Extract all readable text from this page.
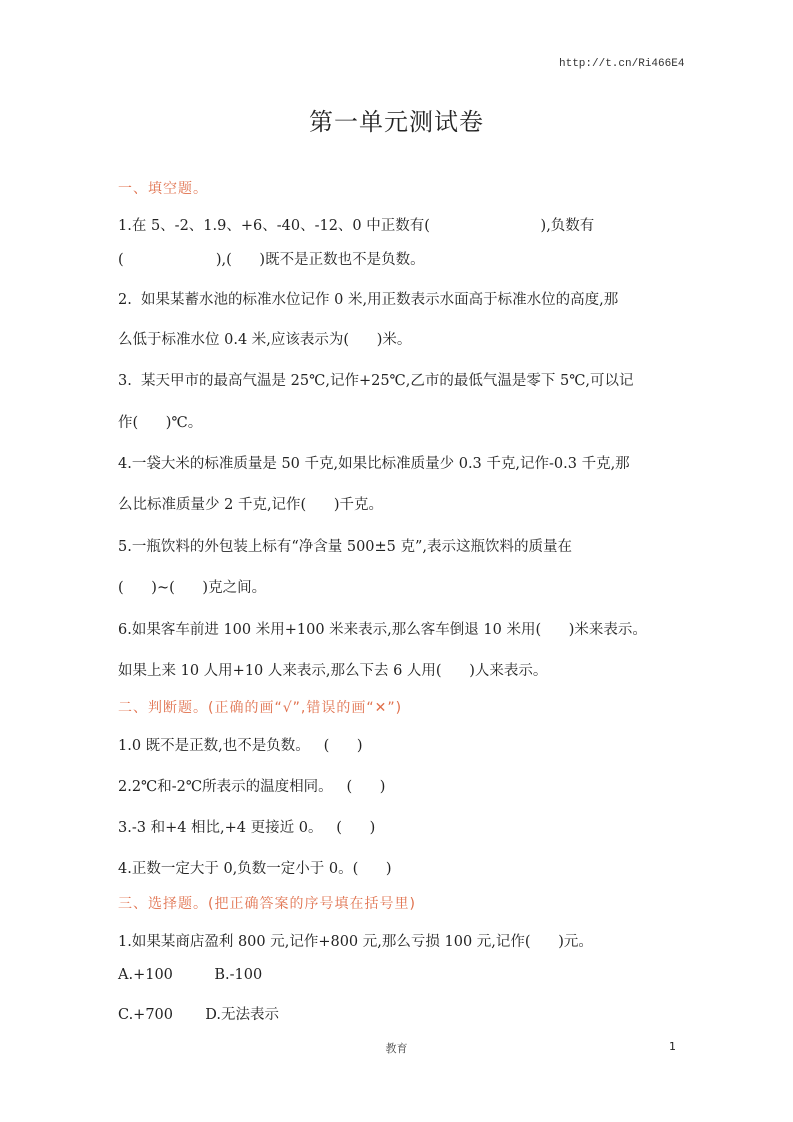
http://t.cn/Ri466E4
第一单元测试卷
一、填空题。
1.在 5、-2、1.9、+6、-40、-12、0 中正数有(                        ),负数有
(                    ),(      )既不是正数也不是负数。
2.  如果某蓄水池的标准水位记作 0 米,用正数表示水面高于标准水位的高度,那
么低于标准水位 0.4 米,应该表示为(      )米。
3.  某天甲市的最高气温是 25℃,记作+25℃,乙市的最低气温是零下 5℃,可以记
作(      )℃。
4.一袋大米的标准质量是 50 千克,如果比标准质量少 0.3 千克,记作-0.3 千克,那
么比标准质量少 2 千克,记作(      )千克。
5.一瓶饮料的外包装上标有“净含量 500±5 克”,表示这瓶饮料的质量在
(      )~(      )克之间。
6.如果客车前进 100 米用+100 米来表示,那么客车倒退 10 米用(      )米来表示。
如果上来 10 人用+10 人来表示,那么下去 6 人用(      )人来表示。
二、判断题。(正确的画“√”,错误的画“✕”)
1.0 既不是正数,也不是负数。   (      )
2.2℃和-2℃所表示的温度相同。   (      )
3.-3 和+4 相比,+4 更接近 0。   (      )
4.正数一定大于 0,负数一定小于 0。(      )
三、选择题。(把正确答案的序号填在括号里)
1.如果某商店盈利 800 元,记作+800 元,那么亏损 100 元,记作(      )元。
A.+100         B.-100
C.+700       D.无法表示
教育	1
